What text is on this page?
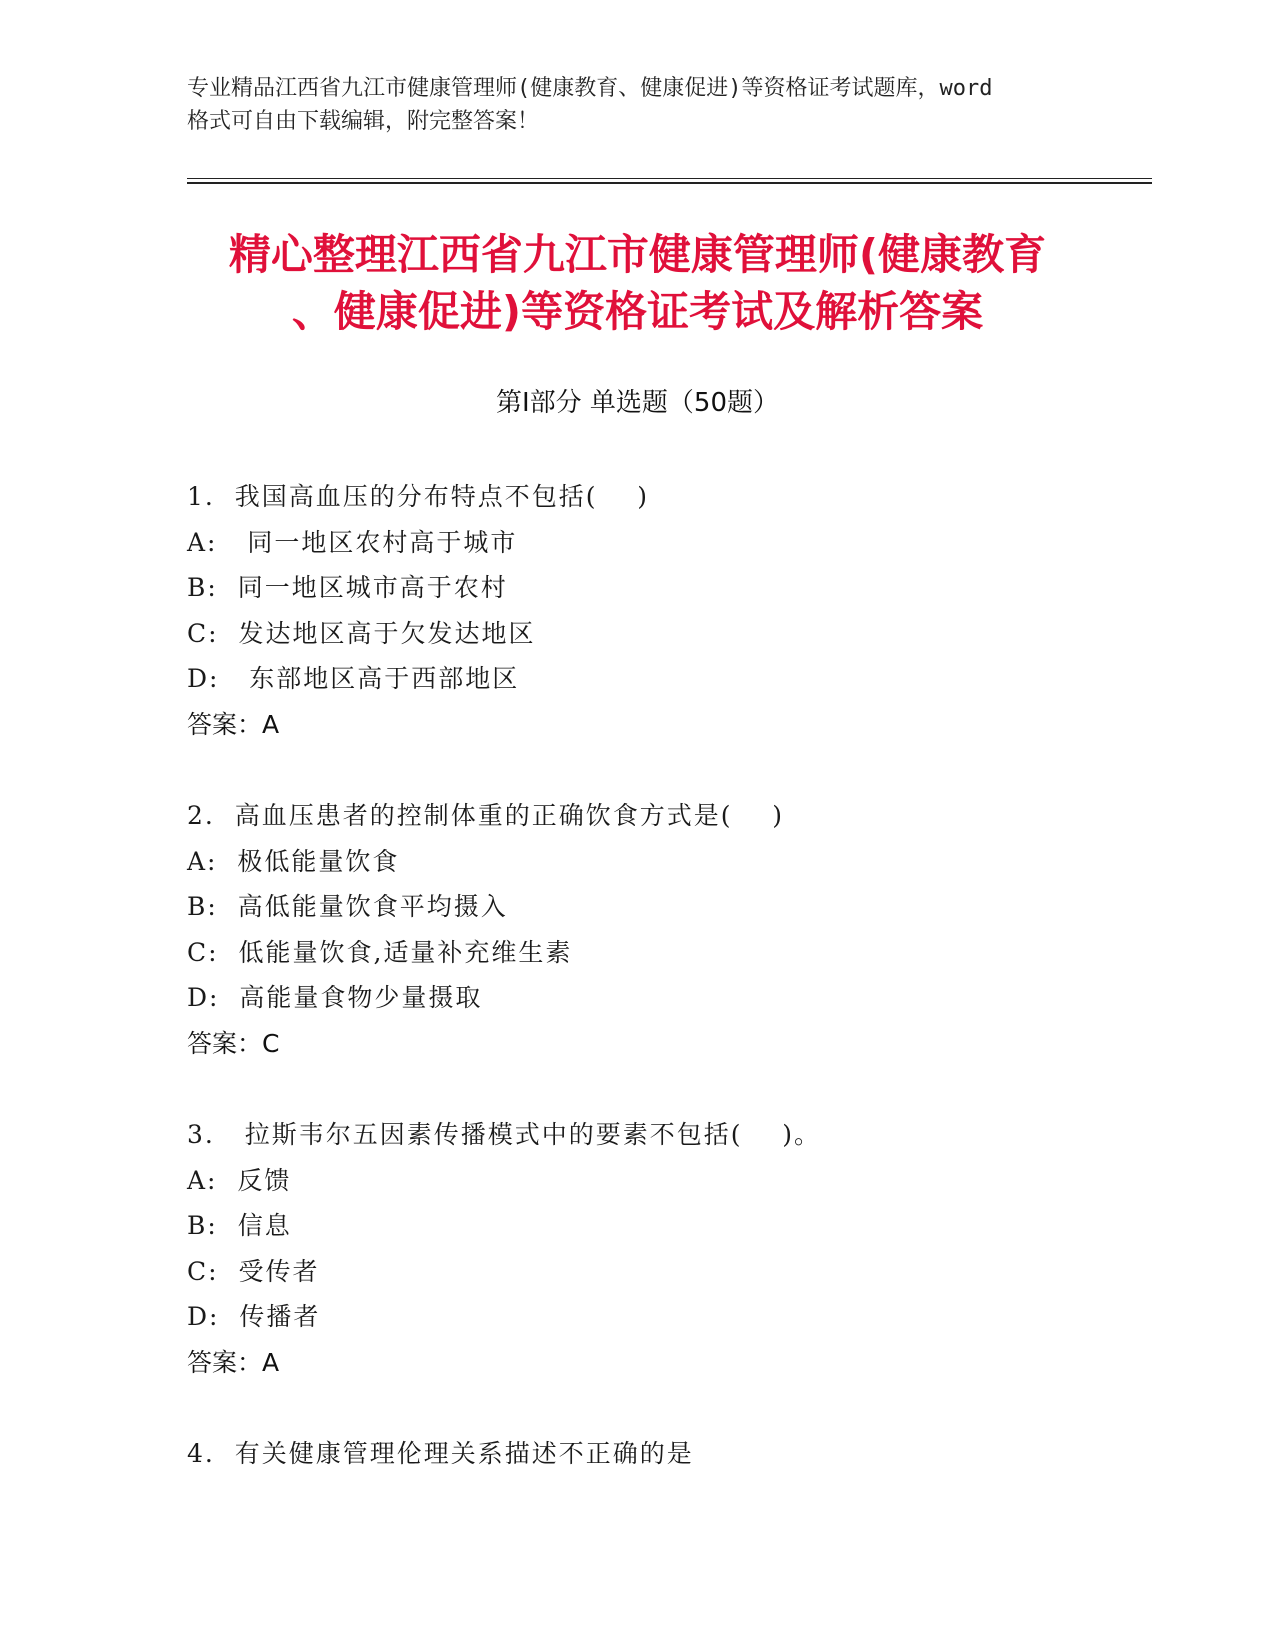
专业精品江西省九江市健康管理师(健康教育、健康促进)等资格证考试题库，word
格式可自由下载编辑，附完整答案！
精心整理江西省九江市健康管理师(健康教育
、健康促进)等资格证考试及解析答案
第Ⅰ部分 单选题（50题）
1.  我国高血压的分布特点不包括(    )
A:   同一地区农村高于城市
B:  同一地区城市高于农村
C:  发达地区高于欠发达地区
D:   东部地区高于西部地区
答案：A
2.  高血压患者的控制体重的正确饮食方式是(    )
A:  极低能量饮食
B:  高低能量饮食平均摄入
C:  低能量饮食,适量补充维生素
D:  高能量食物少量摄取
答案：C
3.   拉斯韦尔五因素传播模式中的要素不包括(    )。
A:  反馈
B:  信息
C:  受传者
D:  传播者
答案：A
4.  有关健康管理伦理关系描述不正确的是
